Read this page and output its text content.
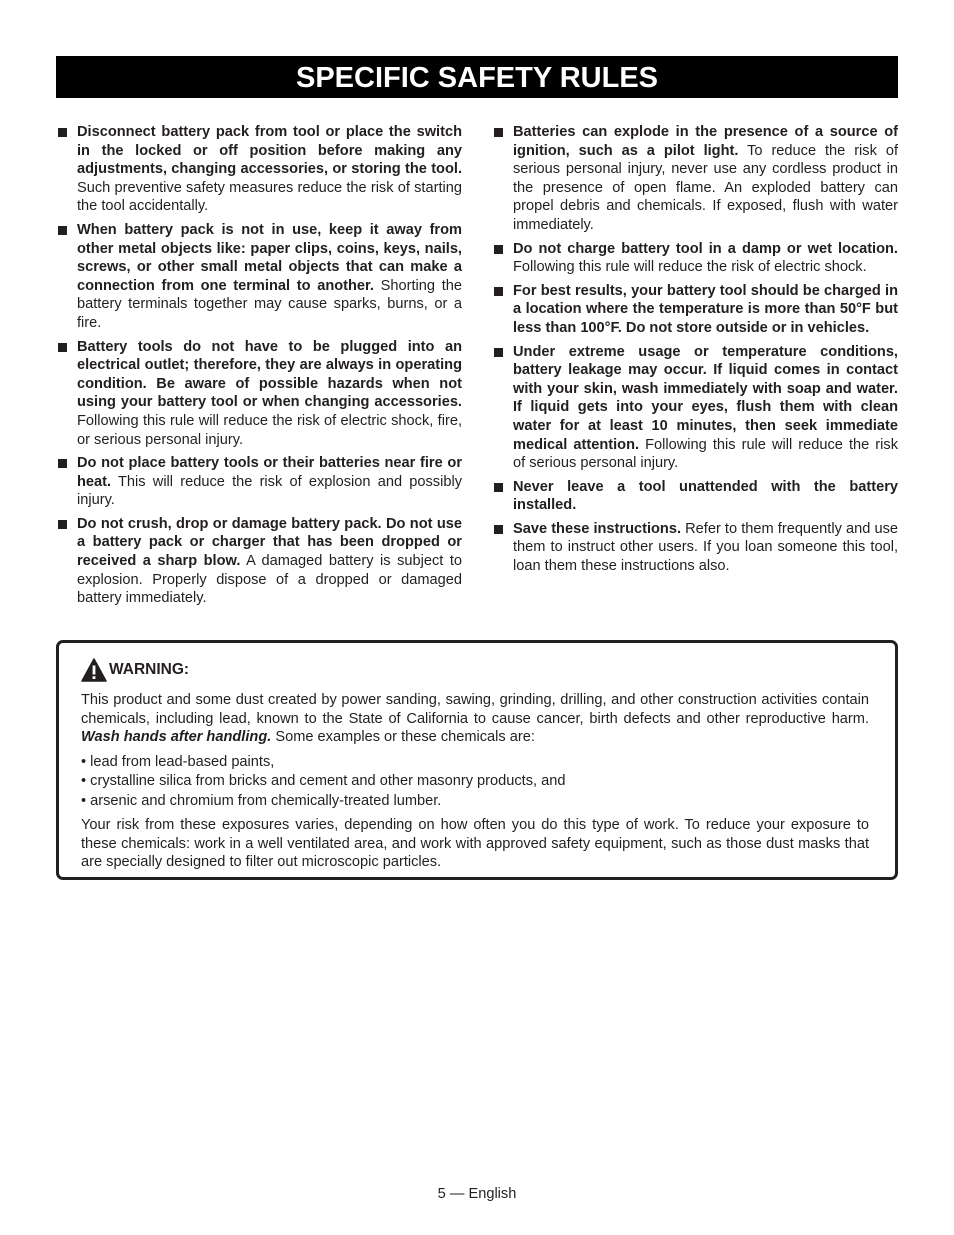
SPECIFIC SAFETY RULES
Disconnect battery pack from tool or place the switch in the locked or off position before making any adjustments, changing accessories, or storing the tool. Such preventive safety measures reduce the risk of starting the tool accidentally.
When battery pack is not in use, keep it away from other metal objects like: paper clips, coins, keys, nails, screws, or other small metal objects that can make a connection from one terminal to another. Shorting the battery terminals together may cause sparks, burns, or a fire.
Battery tools do not have to be plugged into an electrical outlet; therefore, they are always in operating condition. Be aware of possible hazards when not using your battery tool or when changing accessories. Following this rule will reduce the risk of electric shock, fire, or serious personal injury.
Do not place battery tools or their batteries near fire or heat. This will reduce the risk of explosion and possibly injury.
Do not crush, drop or damage battery pack. Do not use a battery pack or charger that has been dropped or received a sharp blow. A damaged battery is subject to explosion. Properly dispose of a dropped or damaged battery immediately.
Batteries can explode in the presence of a source of ignition, such as a pilot light. To reduce the risk of serious personal injury, never use any cordless product in the presence of open flame. An exploded battery can propel debris and chemicals. If exposed, flush with water immediately.
Do not charge battery tool in a damp or wet location. Following this rule will reduce the risk of electric shock.
For best results, your battery tool should be charged in a location where the temperature is more than 50°F but less than 100°F. Do not store outside or in vehicles.
Under extreme usage or temperature conditions, battery leakage may occur. If liquid comes in contact with your skin, wash immediately with soap and water. If liquid gets into your eyes, flush them with clean water for at least 10 minutes, then seek immediate medical attention. Following this rule will reduce the risk of serious personal injury.
Never leave a tool unattended with the battery installed.
Save these instructions. Refer to them frequently and use them to instruct other users. If you loan someone this tool, loan them these instructions also.
WARNING:
This product and some dust created by power sanding, sawing, grinding, drilling, and other construction activities contain chemicals, including lead, known to the State of California to cause cancer, birth defects and other reproductive harm. Wash hands after handling. Some examples or these chemicals are:
• lead from lead-based paints,
• crystalline silica from bricks and cement and other masonry products, and
• arsenic and chromium from chemically-treated lumber.
Your risk from these exposures varies, depending on how often you do this type of work. To reduce your exposure to these chemicals: work in a well ventilated area, and work with approved safety equipment, such as those dust masks that are specially designed to filter out microscopic particles.
5 — English
